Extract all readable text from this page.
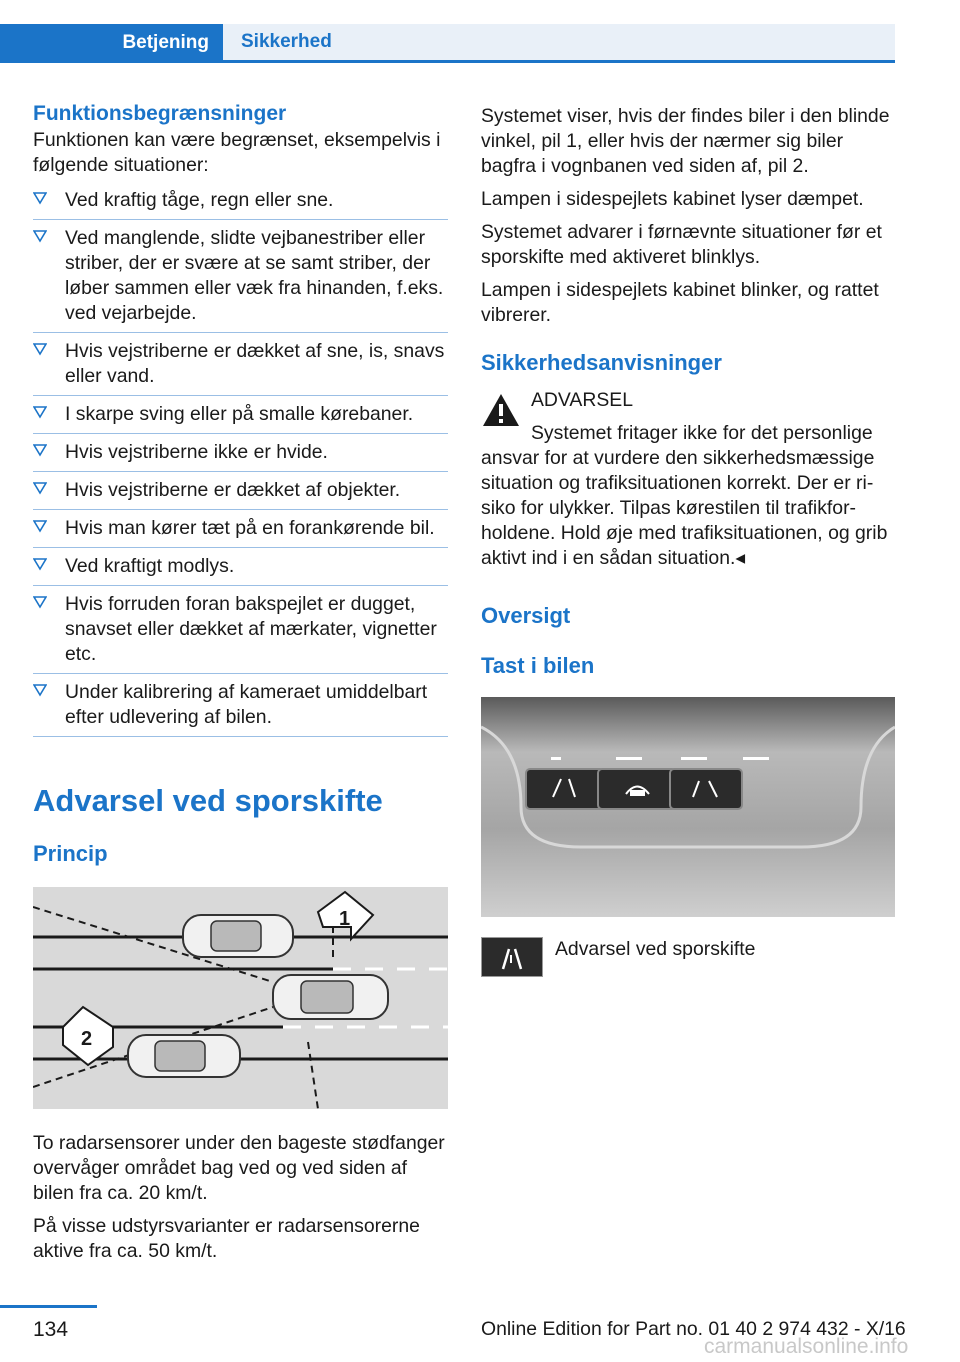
Betjening	Sikkerhed
Funktionsbegrænsninger

Funktionen kan være begrænset, eksempelvis i følgende situationer:

Ved kraftig tåge, regn eller sne.
Ved manglende, slidte vejbanestriber eller striber, der er svære at se samt striber, der løber sammen eller væk fra hinanden, f.eks. ved vejarbejde.
Hvis vejstriberne er dækket af sne, is, snavs eller vand.
I skarpe sving eller på smalle kørebaner.
Hvis vejstriberne ikke er hvide.
Hvis vejstriberne er dækket af objekter.
Hvis man kører tæt på en forankørende bil.
Ved kraftigt modlys.
Hvis forruden foran bakspejlet er dugget, snavset eller dækket af mærkater, vignetter etc.
Under kalibrering af kameraet umiddelbart efter udlevering af bilen.
Advarsel ved sporskifte
Princip
1
2

To radarsensorer under den bageste stødfanger overvåger området bag ved og ved siden af bilen fra ca. 20 km/t.

På visse udstyrsvarianter er radarsensorerne aktive fra ca. 50 km/t.

Systemet viser, hvis der findes biler i den blinde vinkel, pil 1, eller hvis der nærmer sig biler bagfra i vognbanen ved siden af, pil 2.

Lampen i sidespejlets kabinet lyser dæmpet.

Systemet advarer i førnævnte situationer før et sporskifte med aktiveret blinklys.

Lampen i sidespejlets kabinet blinker, og rattet vibrerer.

Sikkerhedsanvisninger

ADVARSEL

Systemet fritager ikke for det personlige

ansvar for at vurdere den sikkerhedsmæssige situation og trafiksituationen korrekt. Der er risiko for ulykker. Tilpas kørestilen til trafikforholdene. Hold øje med trafiksituationen, og grib aktivt ind i en sådan situation.◂

Oversigt
Tast i bilen

Advarsel ved sporskifte

134	Online Edition for Part no. 01 40 2 974 432 - X/16
carmanualsonline.info
